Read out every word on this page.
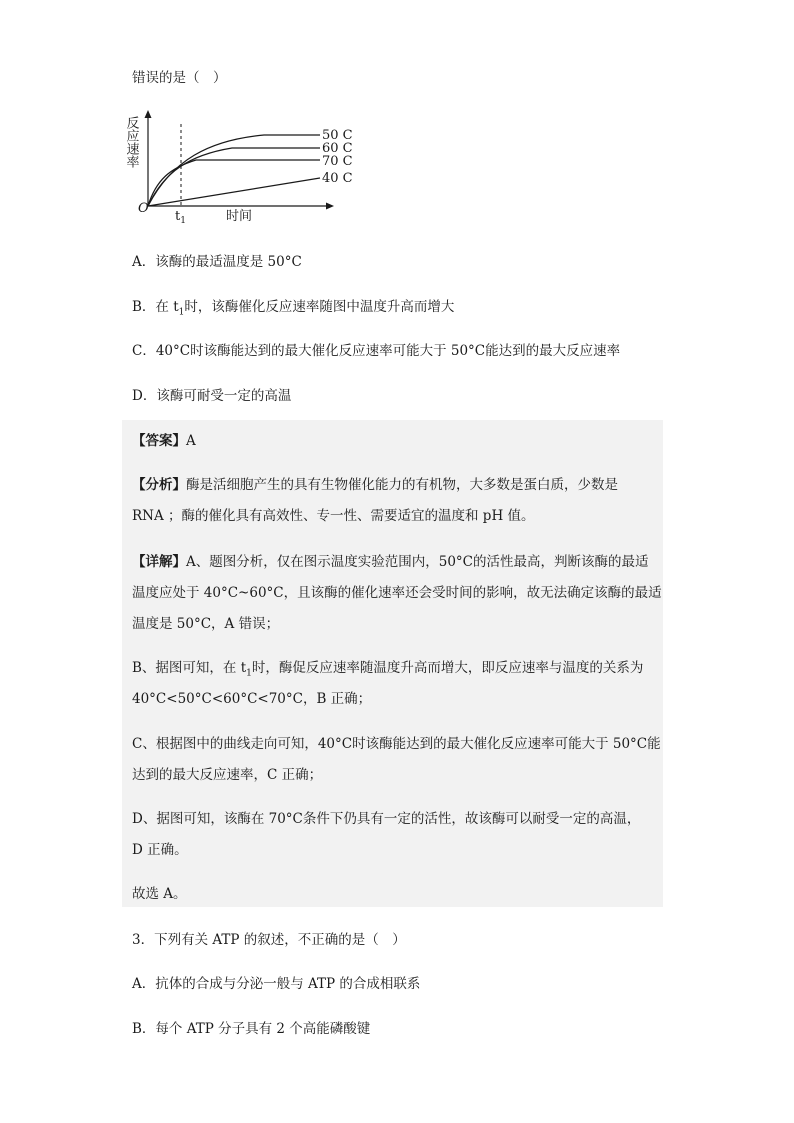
错误的是（　）
50 C
60 C
70 C
40 C
反应速率
O
$t_1$	时间
A．该酶的最适温度是 50°C
B．在 $t_1$时，该酶催化反应速率随图中温度升高而增大
C．40°C时该酶能达到的最大催化反应速率可能大于 50°C能达到的最大反应速率
D．该酶可耐受一定的高温
【答案】A
【分析】酶是活细胞产生的具有生物催化能力的有机物，大多数是蛋白质，少数是
RNA ；酶的催化具有高效性、专一性、需要适宜的温度和 pH 值。
【详解】A、题图分析，仅在图示温度实验范围内，50°C的活性最高，判断该酶的最适
温度应处于 40°C~60°C，且该酶的催化速率还会受时间的影响，故无法确定该酶的最适
温度是 50°C，A 错误；
B、据图可知，在 $t_1$时，酶促反应速率随温度升高而增大，即反应速率与温度的关系为
40°C<50°C<60°C<70°C，B 正确；
C、根据图中的曲线走向可知，40°C时该酶能达到的最大催化反应速率可能大于 50°C能
达到的最大反应速率，C 正确；
D、据图可知，该酶在 70°C条件下仍具有一定的活性，故该酶可以耐受一定的高温，
D 正确。
故选 A。
3．下列有关 ATP 的叙述，不正确的是（　）
A．抗体的合成与分泌一般与 ATP 的合成相联系
B．每个 ATP 分子具有 2 个高能磷酸键
